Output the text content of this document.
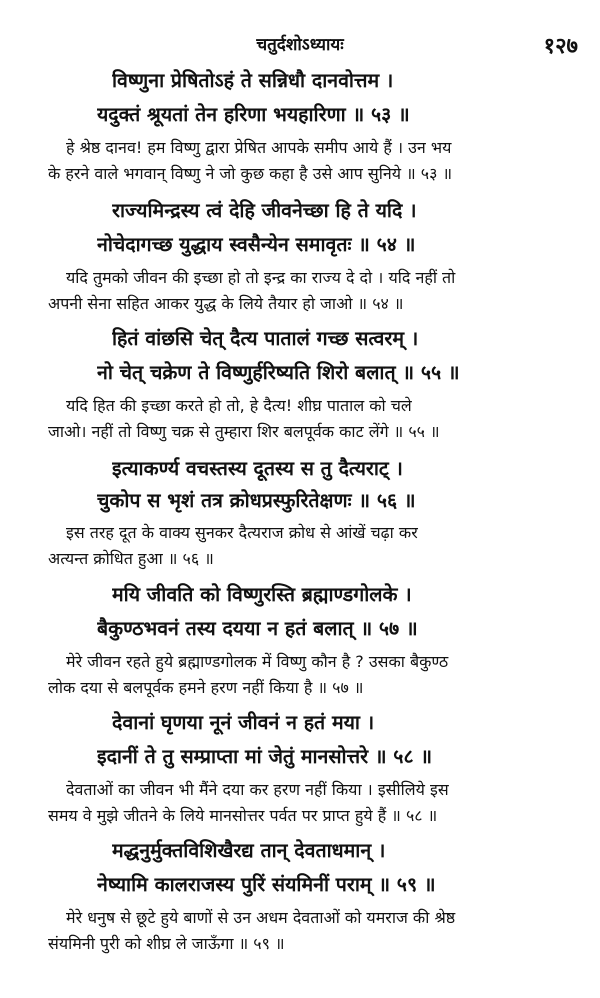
चतुर्दशोऽध्यायः	१२७
विष्णुना प्रेषितोऽहं ते सन्निधौ दानवोत्तम ।
यदुक्तं श्रूयतां तेन हरिणा भयहारिणा ॥ ५३ ॥
हे श्रेष्ठ दानव! हम विष्णु द्वारा प्रेषित आपके समीप आये हैं । उन भय
के हरने वाले भगवान् विष्णु ने जो कुछ कहा है उसे आप सुनिये ॥ ५३ ॥
राज्यमिन्द्रस्य त्वं देहि जीवनेच्छा हि ते यदि ।
नोचेदागच्छ युद्धाय स्वसैन्येन समावृतः ॥ ५४ ॥
यदि तुमको जीवन की इच्छा हो तो इन्द्र का राज्य दे दो । यदि नहीं तो
अपनी सेना सहित आकर युद्ध के लिये तैयार हो जाओ ॥ ५४ ॥
हितं वांछसि चेत् दैत्य पातालं गच्छ सत्वरम् ।
नो चेत् चक्रेण ते विष्णुर्हरिष्यति शिरो बलात् ॥ ५५ ॥
यदि हित की इच्छा करते हो तो, हे दैत्य! शीघ्र पाताल को चले
जाओ। नहीं तो विष्णु चक्र से तुम्हारा शिर बलपूर्वक काट लेंगे ॥ ५५ ॥
इत्याकर्ण्य वचस्तस्य दूतस्य स तु दैत्यराट् ।
चुकोप स भृशं तत्र क्रोधप्रस्फुरितेक्षणः ॥ ५६ ॥
इस तरह दूत के वाक्य सुनकर दैत्यराज क्रोध से आंखें चढ़ा कर
अत्यन्त क्रोधित हुआ ॥ ५६ ॥
मयि जीवति को विष्णुरस्ति ब्रह्माण्डगोलके ।
बैकुण्ठभवनं तस्य दयया न हतं बलात् ॥ ५७ ॥
मेरे जीवन रहते हुये ब्रह्माण्डगोलक में विष्णु कौन है ? उसका बैकुण्ठ
लोक दया से बलपूर्वक हमने हरण नहीं किया है ॥ ५७ ॥
देवानां घृणया नूनं जीवनं न हतं मया ।
इदानीं ते तु सम्प्राप्ता मां जेतुं मानसोत्तरे ॥ ५८ ॥
देवताओं का जीवन भी मैंने दया कर हरण नहीं किया । इसीलिये इस
समय वे मुझे जीतने के लिये मानसोत्तर पर्वत पर प्राप्त हुये हैं ॥ ५८ ॥
मद्धनुर्मुक्तविशिखैरद्य तान् देवताधमान् ।
नेष्यामि कालराजस्य पुरिं संयमिनीं पराम् ॥ ५९ ॥
मेरे धनुष से छूटे हुये बाणों से उन अधम देवताओं को यमराज की श्रेष्ठ
संयमिनी पुरी को शीघ्र ले जाऊँगा ॥ ५९ ॥
